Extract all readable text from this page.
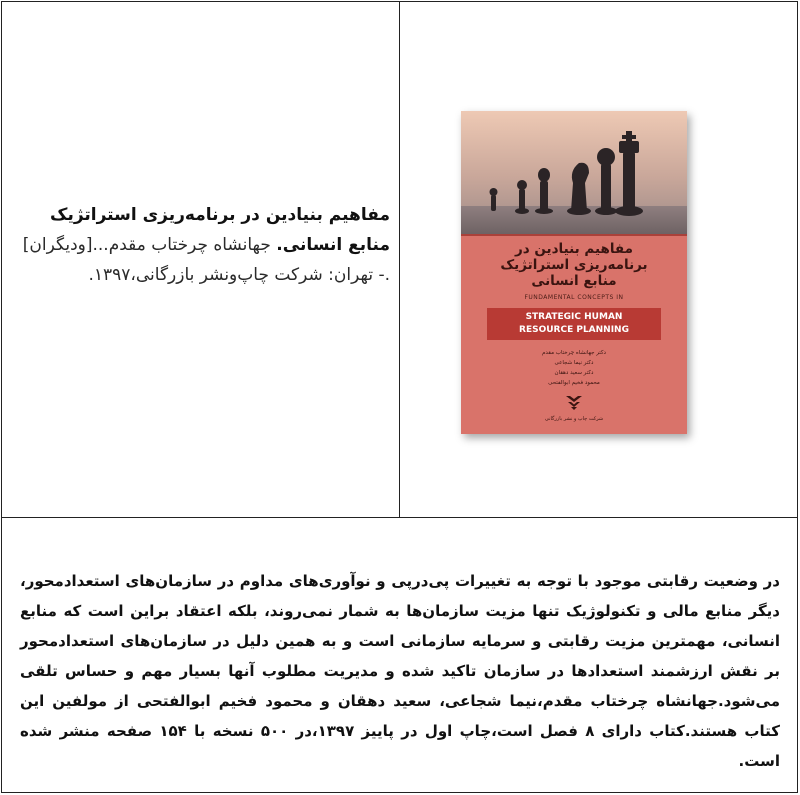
مفاهیم بنیادین در برنامه‌ریزی استراتژیک منابع انسانی. جهانشاه چرختاب مقدم...[ودیگران] .- تهران: شرکت چاپ‌ونشر بازرگانی،۱۳۹۷.
مفاهیم بنیادین در
برنامه‌ریزی استراتژیک
منابع انسانی
FUNDAMENTAL CONCEPTS IN
STRATEGIC HUMAN
RESOURCE PLANNING
دکتر جهانشاه چرختاب مقدم
دکتر نیما شجاعی
دکتر سعید دهقان
محمود فخیم ابوالفتحی
شرکت چاپ و نشر بازرگانی
در وضعیت رقابتی موجود با توجه به تغییرات پی‌درپی و نوآوری‌های مداوم در سازمان‌های استعدادمحور، دیگر منابع مالی و تکنولوژیک تنها مزیت سازمان‌ها به شمار نمی‌روند، بلکه اعتقاد براین است که منابع انسانی، مهمترین مزیت رقابتی و سرمایه سازمانی است و به همین دلیل در سازمان‌های استعدادمحور بر نقش ارزشمند استعدادها در سازمان تاکید شده و مدیریت مطلوب آنها بسیار مهم و حساس تلقی می‌شود.جهانشاه چرختاب مقدم،نیما شجاعی، سعید دهقان و محمود فخیم ابوالفتحی از مولفین این کتاب هستند.کتاب دارای ۸ فصل است،چاپ اول در پاییز ۱۳۹۷،در ۵۰۰ نسخه با ۱۵۴ صفحه منشر شده است.
